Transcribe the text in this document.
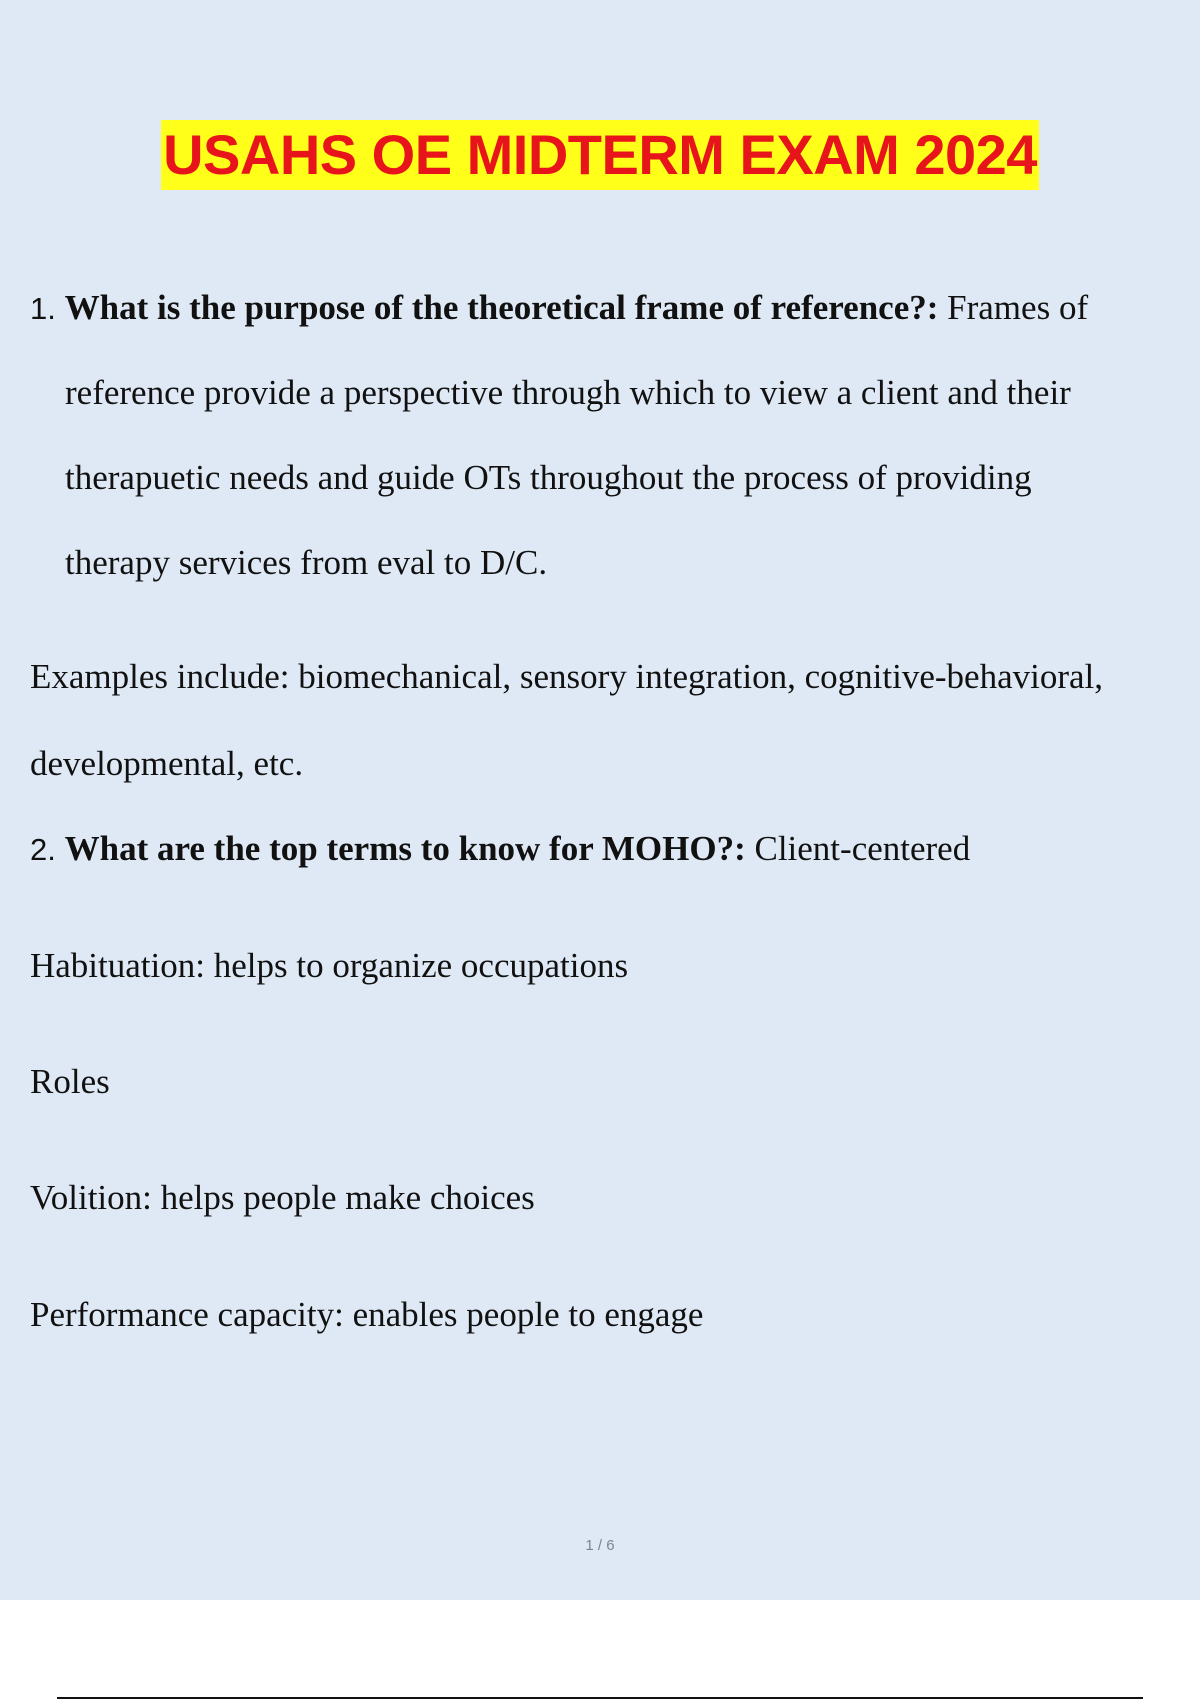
USAHS OE MIDTERM EXAM 2024
1. What is the purpose of the theoretical frame of reference?: Frames of
reference provide a perspective through which to view a client and their
therapuetic needs and guide OTs throughout the process of providing
therapy services from eval to D/C.
Examples include: biomechanical, sensory integration, cognitive-behavioral,
developmental, etc.
2. What are the top terms to know for MOHO?: Client-centered
Habituation: helps to organize occupations
Roles
Volition: helps people make choices
Performance capacity: enables people to engage
1 / 6
